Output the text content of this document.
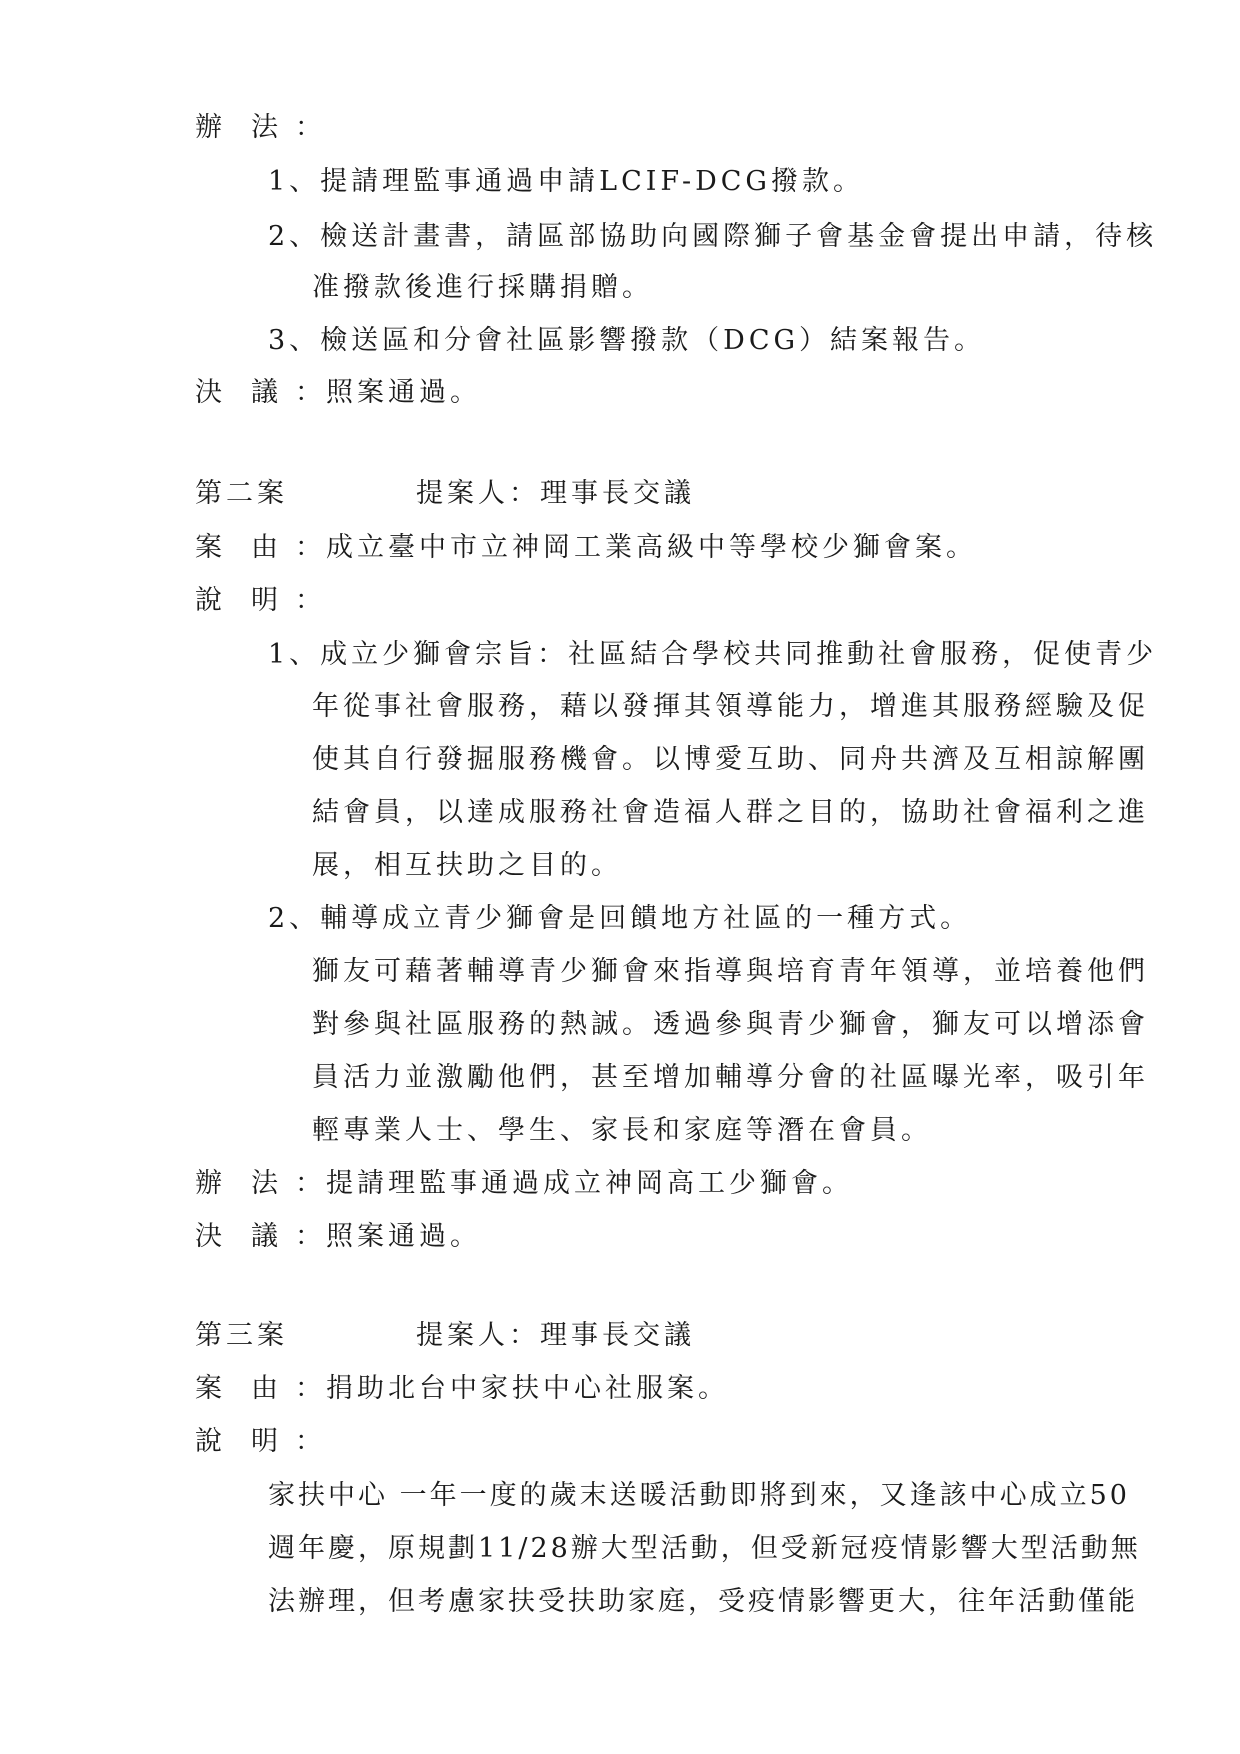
辦 法 ：
1、提請理監事通過申請LCIF-DCG撥款。
2、檢送計畫書，請區部協助向國際獅子會基金會提出申請，待核
准撥款後進行採購捐贈。
3、檢送區和分會社區影響撥款（DCG）結案報告。
決 議 ：照案通過。
第二案	提案人：理事長交議
案 由 ：成立臺中市立神岡工業高級中等學校少獅會案。
說 明 ：
1、成立少獅會宗旨：社區結合學校共同推動社會服務，促使青少
年從事社會服務，藉以發揮其領導能力，增進其服務經驗及促
使其自行發掘服務機會。以博愛互助、同舟共濟及互相諒解團
結會員，以達成服務社會造福人群之目的，協助社會福利之進
展，相互扶助之目的。
2、輔導成立青少獅會是回饋地方社區的一種方式。
獅友可藉著輔導青少獅會來指導與培育青年領導，並培養他們
對參與社區服務的熱誠。透過參與青少獅會，獅友可以增添會
員活力並激勵他們，甚至增加輔導分會的社區曝光率，吸引年
輕專業人士、學生、家長和家庭等潛在會員。
辦 法 ：提請理監事通過成立神岡高工少獅會。
決 議 ：照案通過。
第三案	提案人：理事長交議
案 由 ：捐助北台中家扶中心社服案。
說 明 ：
家扶中心 一年一度的歲末送暖活動即將到來，又逢該中心成立50
週年慶，原規劃11/28辦大型活動，但受新冠疫情影響大型活動無
法辦理，但考慮家扶受扶助家庭，受疫情影響更大，往年活動僅能
